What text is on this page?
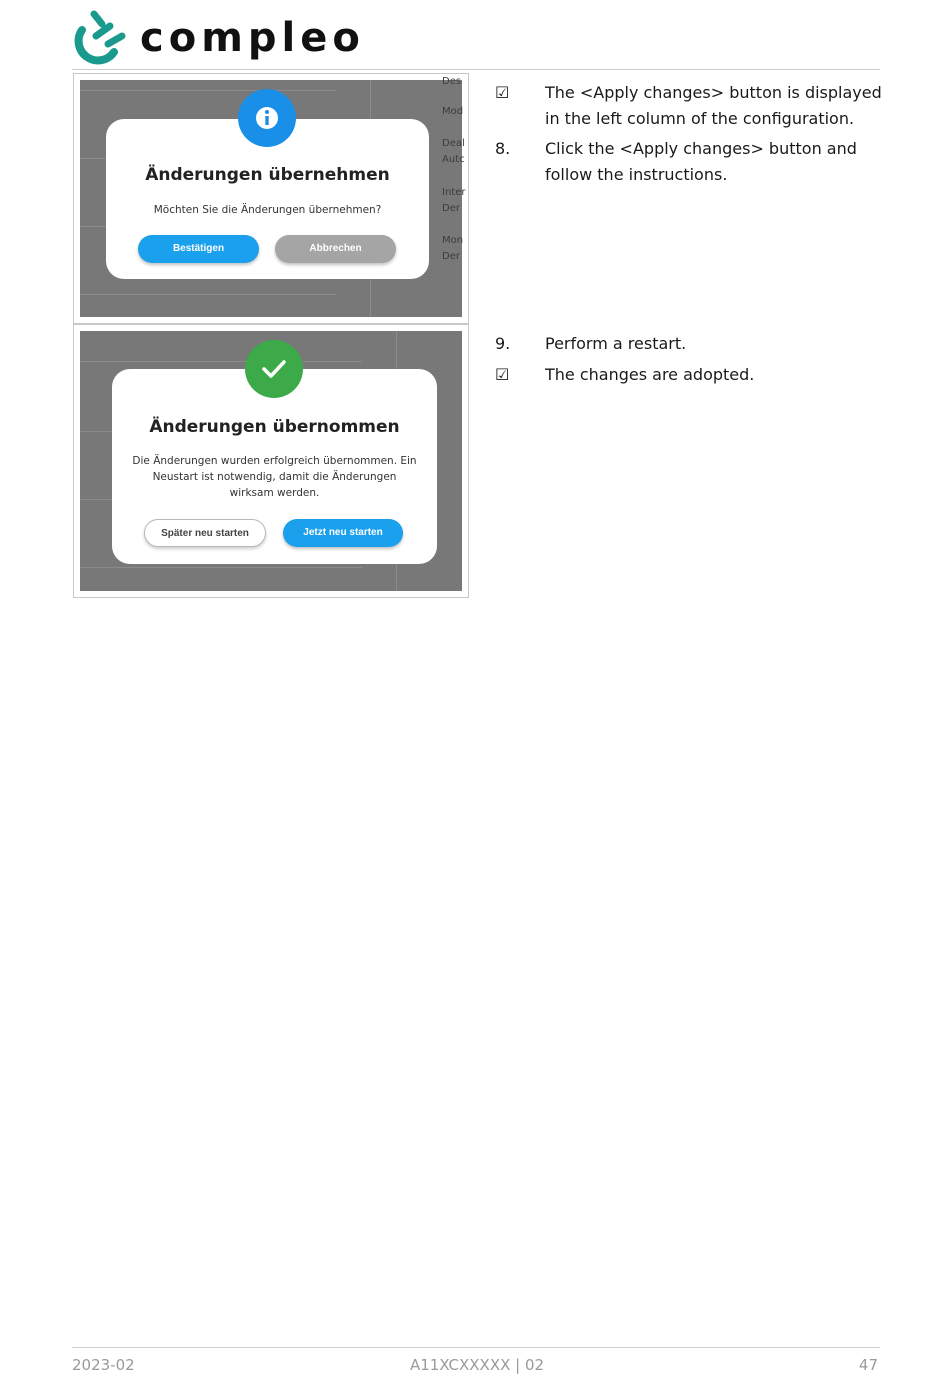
compleo
Des
Mod
Deal
Autc
Inter
Der
Mon
Der
Änderungen übernehmen
Möchten Sie die Änderungen übernehmen?
Bestätigen	Abbrechen
Änderungen übernommen
Die Änderungen wurden erfolgreich übernommen. Ein Neustart ist notwendig, damit die Änderungen wirksam werden.
Später neu starten	Jetzt neu starten
☑	The <Apply changes> button is displayed in the left column of the configuration.
8.	Click the <Apply changes> button and follow the instructions.
9.	Perform a restart.
☑	The changes are adopted.
2023-02	A11XCXXXXX | 02	47
